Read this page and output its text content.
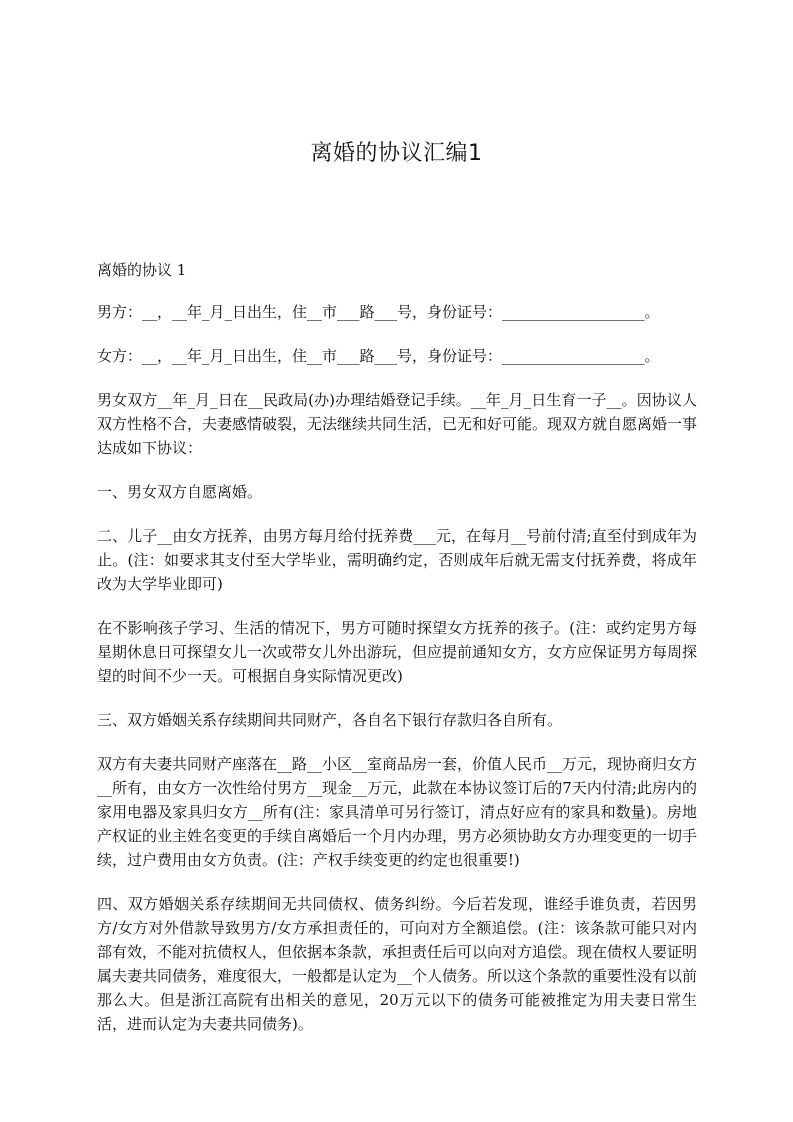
离婚的协议汇编1

离婚的协议 1

男方：__，__年_月_日出生，住__市___路___号，身份证号：___________________。

女方：__，__年_月_日出生，住__市___路___号，身份证号：___________________。

男女双方__年_月_日在__民政局(办)办理结婚登记手续。__年_月_日生育一子__。因协议人双方性格不合，夫妻感情破裂，无法继续共同生活，已无和好可能。现双方就自愿离婚一事达成如下协议：

一、男女双方自愿离婚。

二、儿子__由女方抚养，由男方每月给付抚养费___元，在每月__号前付清;直至付到成年为止。(注：如要求其支付至大学毕业，需明确约定，否则成年后就无需支付抚养费，将成年改为大学毕业即可)

在不影响孩子学习、生活的情况下，男方可随时探望女方抚养的孩子。(注：或约定男方每星期休息日可探望女儿一次或带女儿外出游玩，但应提前通知女方，女方应保证男方每周探望的时间不少一天。可根据自身实际情况更改)

三、双方婚姻关系存续期间共同财产，各自名下银行存款归各自所有。

双方有夫妻共同财产座落在__路__小区__室商品房一套，价值人民币__万元，现协商归女方__所有，由女方一次性给付男方__现金__万元，此款在本协议签订后的7天内付清;此房内的家用电器及家具归女方__所有(注：家具清单可另行签订，清点好应有的家具和数量)。房地产权证的业主姓名变更的手续自离婚后一个月内办理，男方必须协助女方办理变更的一切手续，过户费用由女方负责。(注：产权手续变更的约定也很重要!)

四、双方婚姻关系存续期间无共同债权、债务纠纷。今后若发现，谁经手谁负责，若因男方/女方对外借款导致男方/女方承担责任的，可向对方全额追偿。(注：该条款可能只对内部有效，不能对抗债权人，但依据本条款，承担责任后可以向对方追偿。现在债权人要证明属夫妻共同债务，难度很大，一般都是认定为__个人债务。所以这个条款的重要性没有以前那么大。但是浙江高院有出相关的意见，20万元以下的债务可能被推定为用夫妻日常生活，进而认定为夫妻共同债务)。
